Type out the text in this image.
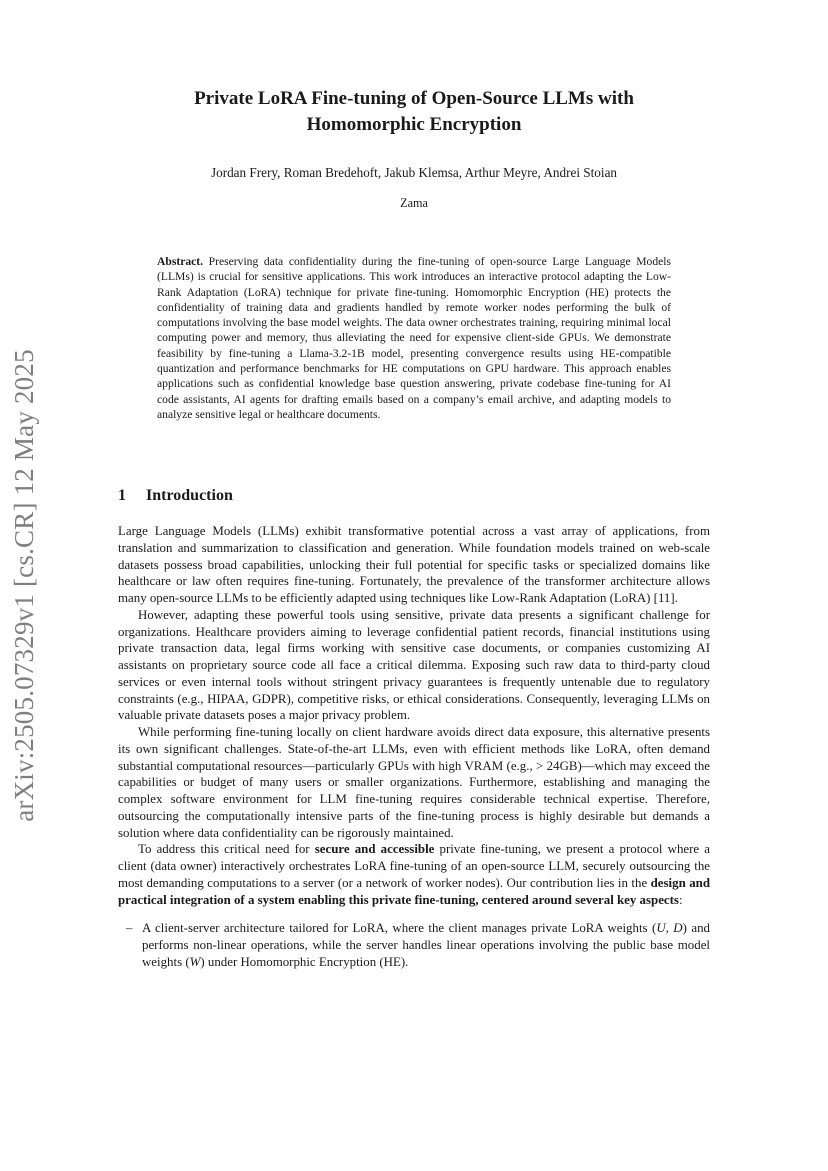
arXiv:2505.07329v1 [cs.CR] 12 May 2025
Private LoRA Fine-tuning of Open-Source LLMs with
Homomorphic Encryption
Jordan Frery, Roman Bredehoft, Jakub Klemsa, Arthur Meyre, Andrei Stoian
Zama
Abstract. Preserving data confidentiality during the fine-tuning of open-source Large Language Models (LLMs) is crucial for sensitive applications. This work introduces an interactive protocol adapting the Low-Rank Adaptation (LoRA) technique for private fine-tuning. Homomorphic Encryption (HE) protects the confidentiality of training data and gradients handled by remote worker nodes performing the bulk of computations involving the base model weights. The data owner orchestrates training, requiring minimal local computing power and memory, thus alleviating the need for expensive client-side GPUs. We demonstrate feasibility by fine-tuning a Llama-3.2-1B model, presenting convergence results using HE-compatible quantization and performance benchmarks for HE computations on GPU hardware. This approach enables applications such as confidential knowledge base question answering, private codebase fine-tuning for AI code assistants, AI agents for drafting emails based on a company’s email archive, and adapting models to analyze sensitive legal or healthcare documents.
1 Introduction

Large Language Models (LLMs) exhibit transformative potential across a vast array of applications, from translation and summarization to classification and generation. While foundation models trained on web-scale datasets possess broad capabilities, unlocking their full potential for specific tasks or specialized domains like healthcare or law often requires fine-tuning. Fortunately, the prevalence of the transformer architecture allows many open-source LLMs to be efficiently adapted using techniques like Low-Rank Adaptation (LoRA) [11].

However, adapting these powerful tools using sensitive, private data presents a significant challenge for organizations. Healthcare providers aiming to leverage confidential patient records, financial institutions using private transaction data, legal firms working with sensitive case documents, or companies customizing AI assistants on proprietary source code all face a critical dilemma. Exposing such raw data to third-party cloud services or even internal tools without stringent privacy guarantees is frequently untenable due to regulatory constraints (e.g., HIPAA, GDPR), competitive risks, or ethical considerations. Consequently, leveraging LLMs on valuable private datasets poses a major privacy problem.

While performing fine-tuning locally on client hardware avoids direct data exposure, this alternative presents its own significant challenges. State-of-the-art LLMs, even with efficient methods like LoRA, often demand substantial computational resources—particularly GPUs with high VRAM (e.g., > 24GB)—which may exceed the capabilities or budget of many users or smaller organizations. Furthermore, establishing and managing the complex software environment for LLM fine-tuning requires considerable technical expertise. Therefore, outsourcing the computationally intensive parts of the fine-tuning process is highly desirable but demands a solution where data confidentiality can be rigorously maintained.

To address this critical need for secure and accessible private fine-tuning, we present a protocol where a client (data owner) interactively orchestrates LoRA fine-tuning of an open-source LLM, securely outsourcing the most demanding computations to a server (or a network of worker nodes). Our contribution lies in the design and practical integration of a system enabling this private fine-tuning, centered around several key aspects:

– A client-server architecture tailored for LoRA, where the client manages private LoRA weights (U, D) and performs non-linear operations, while the server handles linear operations involving the public base model weights (W) under Homomorphic Encryption (HE).
